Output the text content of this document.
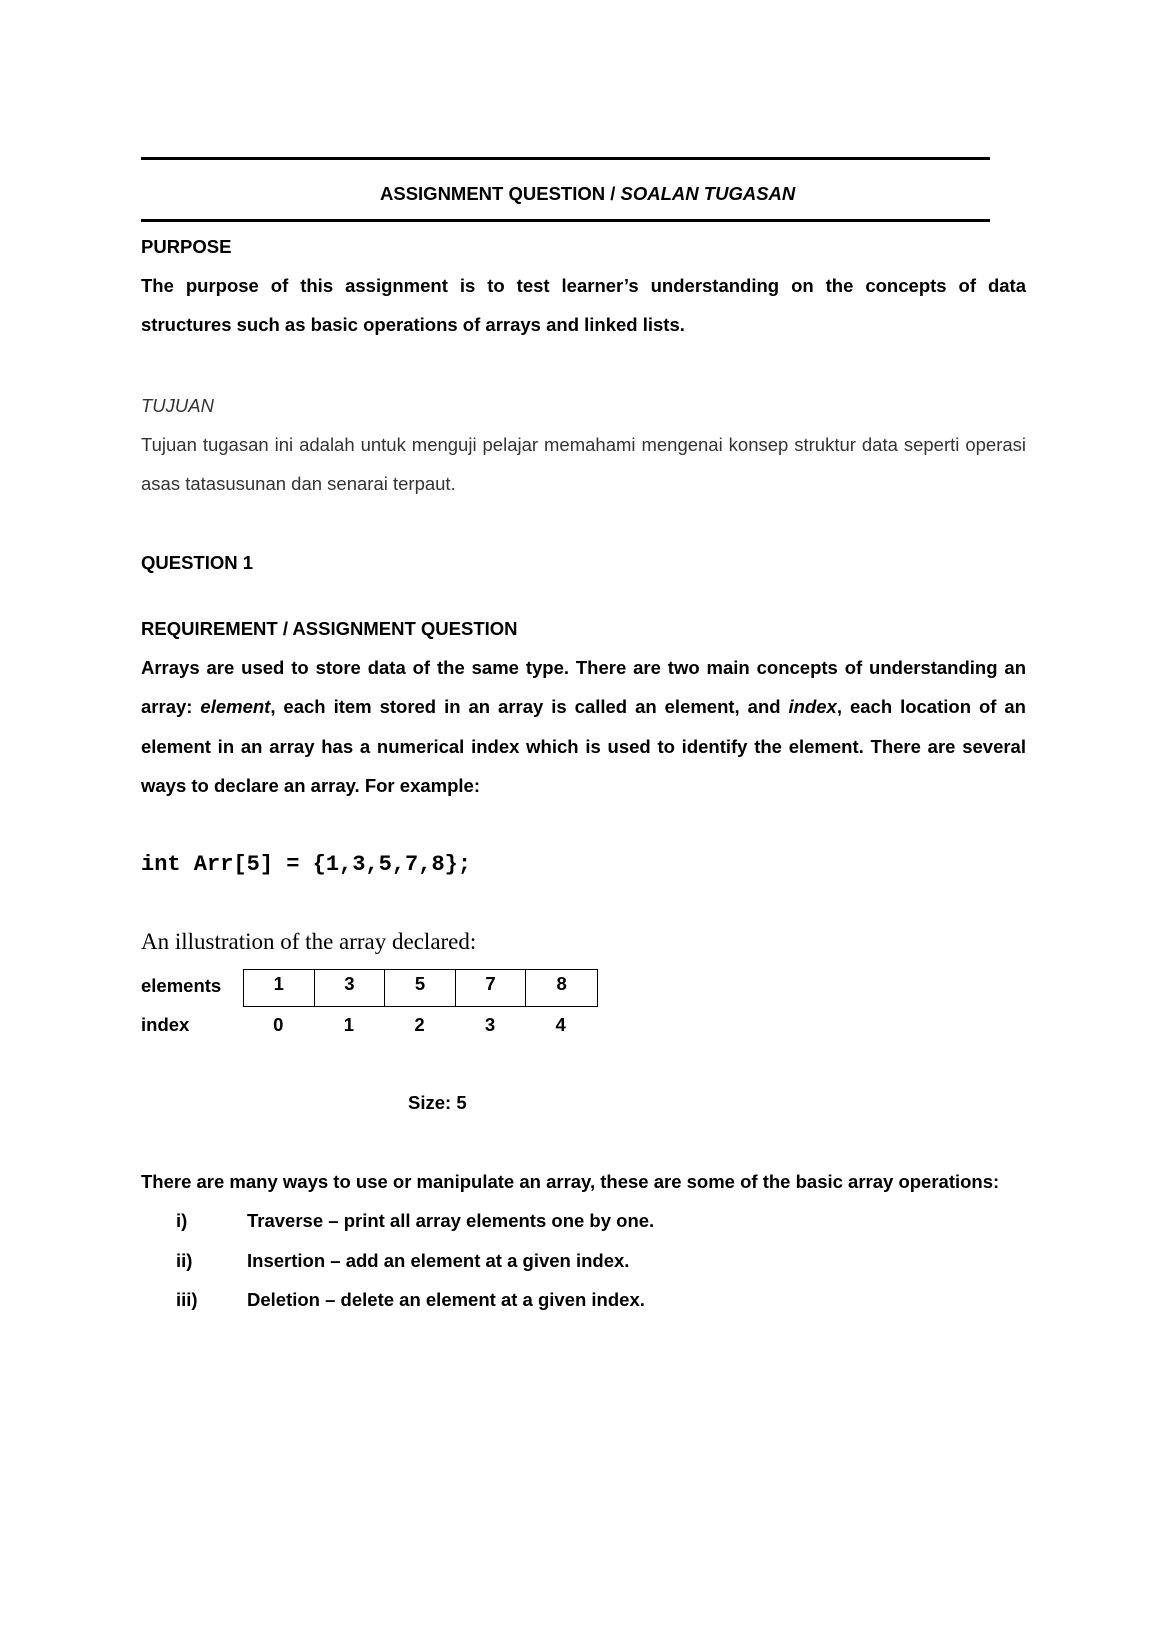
ASSIGNMENT QUESTION / SOALAN TUGASAN
PURPOSE
The purpose of this assignment is to test learner’s understanding on the concepts of data structures such as basic operations of arrays and linked lists.
TUJUAN
Tujuan tugasan ini adalah untuk menguji pelajar memahami mengenai konsep struktur data seperti operasi asas tatasusunan dan senarai terpaut.
QUESTION 1
REQUIREMENT / ASSIGNMENT QUESTION
Arrays are used to store data of the same type. There are two main concepts of understanding an array: element, each item stored in an array is called an element, and index, each location of an element in an array has a numerical index which is used to identify the element. There are several ways to declare an array. For example:
int Arr[5] = {1,3,5,7,8};
An illustration of the array declared:
elements	1	3	5	7	8
index	0	1	2	3	4
Size: 5
There are many ways to use or manipulate an array, these are some of the basic array operations:
i)	Traverse – print all array elements one by one.
ii)	Insertion – add an element at a given index.
iii)	Deletion – delete an element at a given index.
